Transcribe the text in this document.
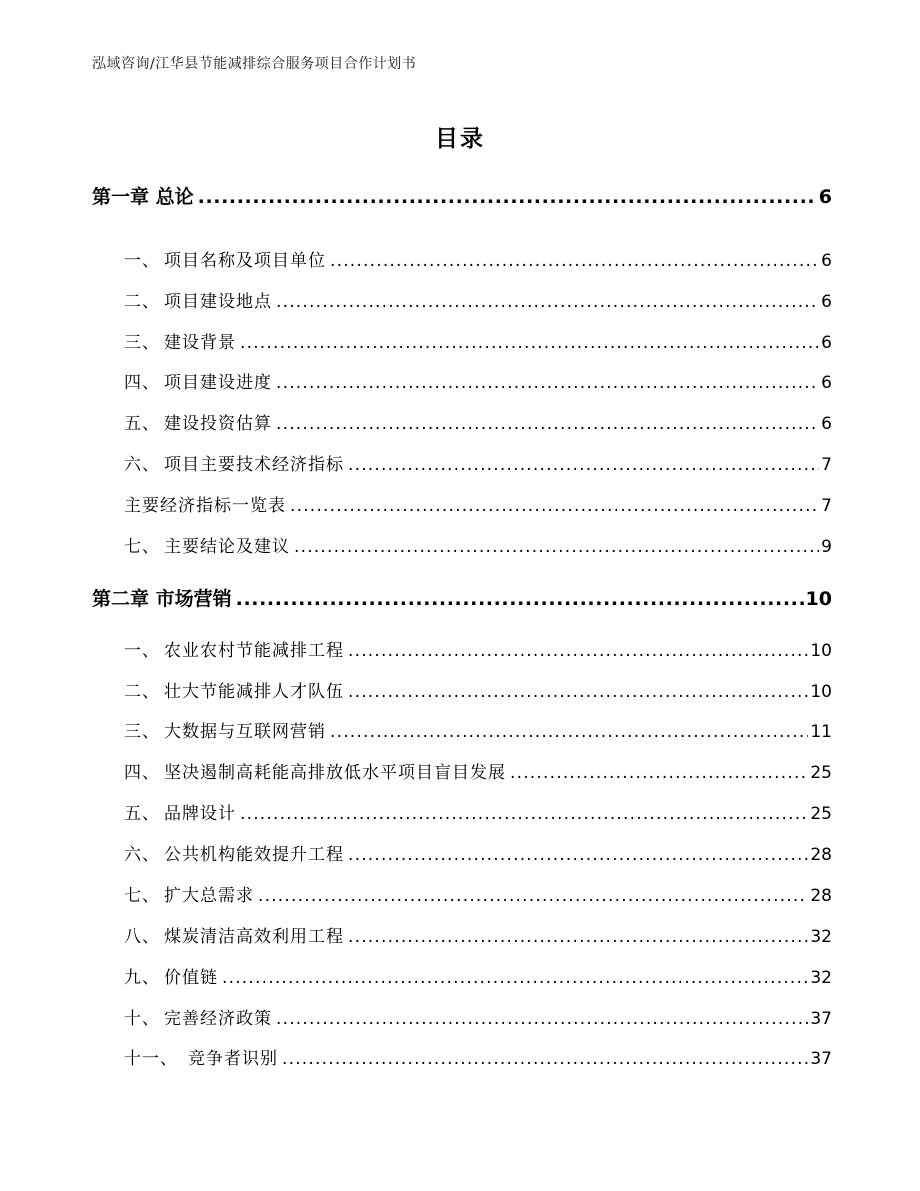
泓域咨询/江华县节能减排综合服务项目合作计划书
目录
第一章 总论 .....	6
一、 项目名称及项目单位 .....	6
二、 项目建设地点 .....	6
三、 建设背景 .....	6
四、 项目建设进度 .....	6
五、 建设投资估算 .....	6
六、 项目主要技术经济指标 .....	7
主要经济指标一览表 .....	7
七、 主要结论及建议 .....	9
第二章 市场营销 .....	10
一、 农业农村节能减排工程 .....	10
二、 壮大节能减排人才队伍 .....	10
三、 大数据与互联网营销 .....	11
四、 坚决遏制高耗能高排放低水平项目盲目发展 .....	25
五、 品牌设计 .....	25
六、 公共机构能效提升工程 .....	28
七、 扩大总需求 .....	28
八、 煤炭清洁高效利用工程 .....	32
九、 价值链 .....	32
十、 完善经济政策 .....	37
十一、 竞争者识别 .....	37
